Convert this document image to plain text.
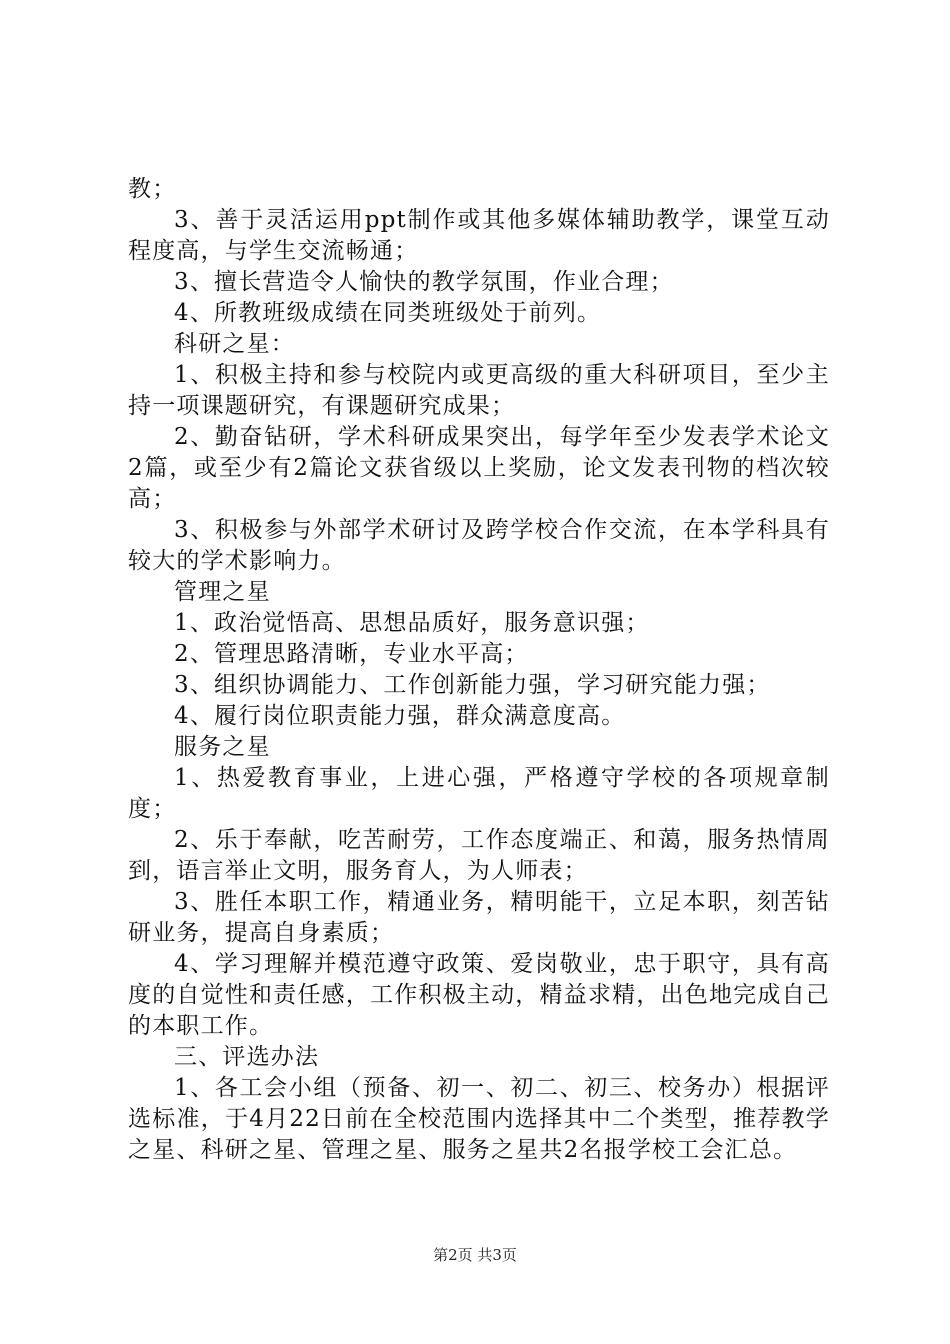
教；

3、善于灵活运用ppt制作或其他多媒体辅助教学，课堂互动程度高，与学生交流畅通；

3、擅长营造令人愉快的教学氛围，作业合理；

4、所教班级成绩在同类班级处于前列。

科研之星：

1、积极主持和参与校院内或更高级的重大科研项目，至少主持一项课题研究，有课题研究成果；

2、勤奋钻研，学术科研成果突出，每学年至少发表学术论文2篇，或至少有2篇论文获省级以上奖励，论文发表刊物的档次较高；

3、积极参与外部学术研讨及跨学校合作交流，在本学科具有较大的学术影响力。

管理之星

1、政治觉悟高、思想品质好，服务意识强；

2、管理思路清晰，专业水平高；

3、组织协调能力、工作创新能力强，学习研究能力强；

4、履行岗位职责能力强，群众满意度高。

服务之星

1、热爱教育事业，上进心强，严格遵守学校的各项规章制度；

2、乐于奉献，吃苦耐劳，工作态度端正、和蔼，服务热情周到，语言举止文明，服务育人，为人师表；

3、胜任本职工作，精通业务，精明能干，立足本职，刻苦钻研业务，提高自身素质；

4、学习理解并模范遵守政策、爱岗敬业，忠于职守，具有高度的自觉性和责任感，工作积极主动，精益求精，出色地完成自己的本职工作。

三、评选办法

1、各工会小组（预备、初一、初二、初三、校务办）根据评选标准，于4月22日前在全校范围内选择其中二个类型，推荐教学之星、科研之星、管理之星、服务之星共2名报学校工会汇总。

第2页 共3页
